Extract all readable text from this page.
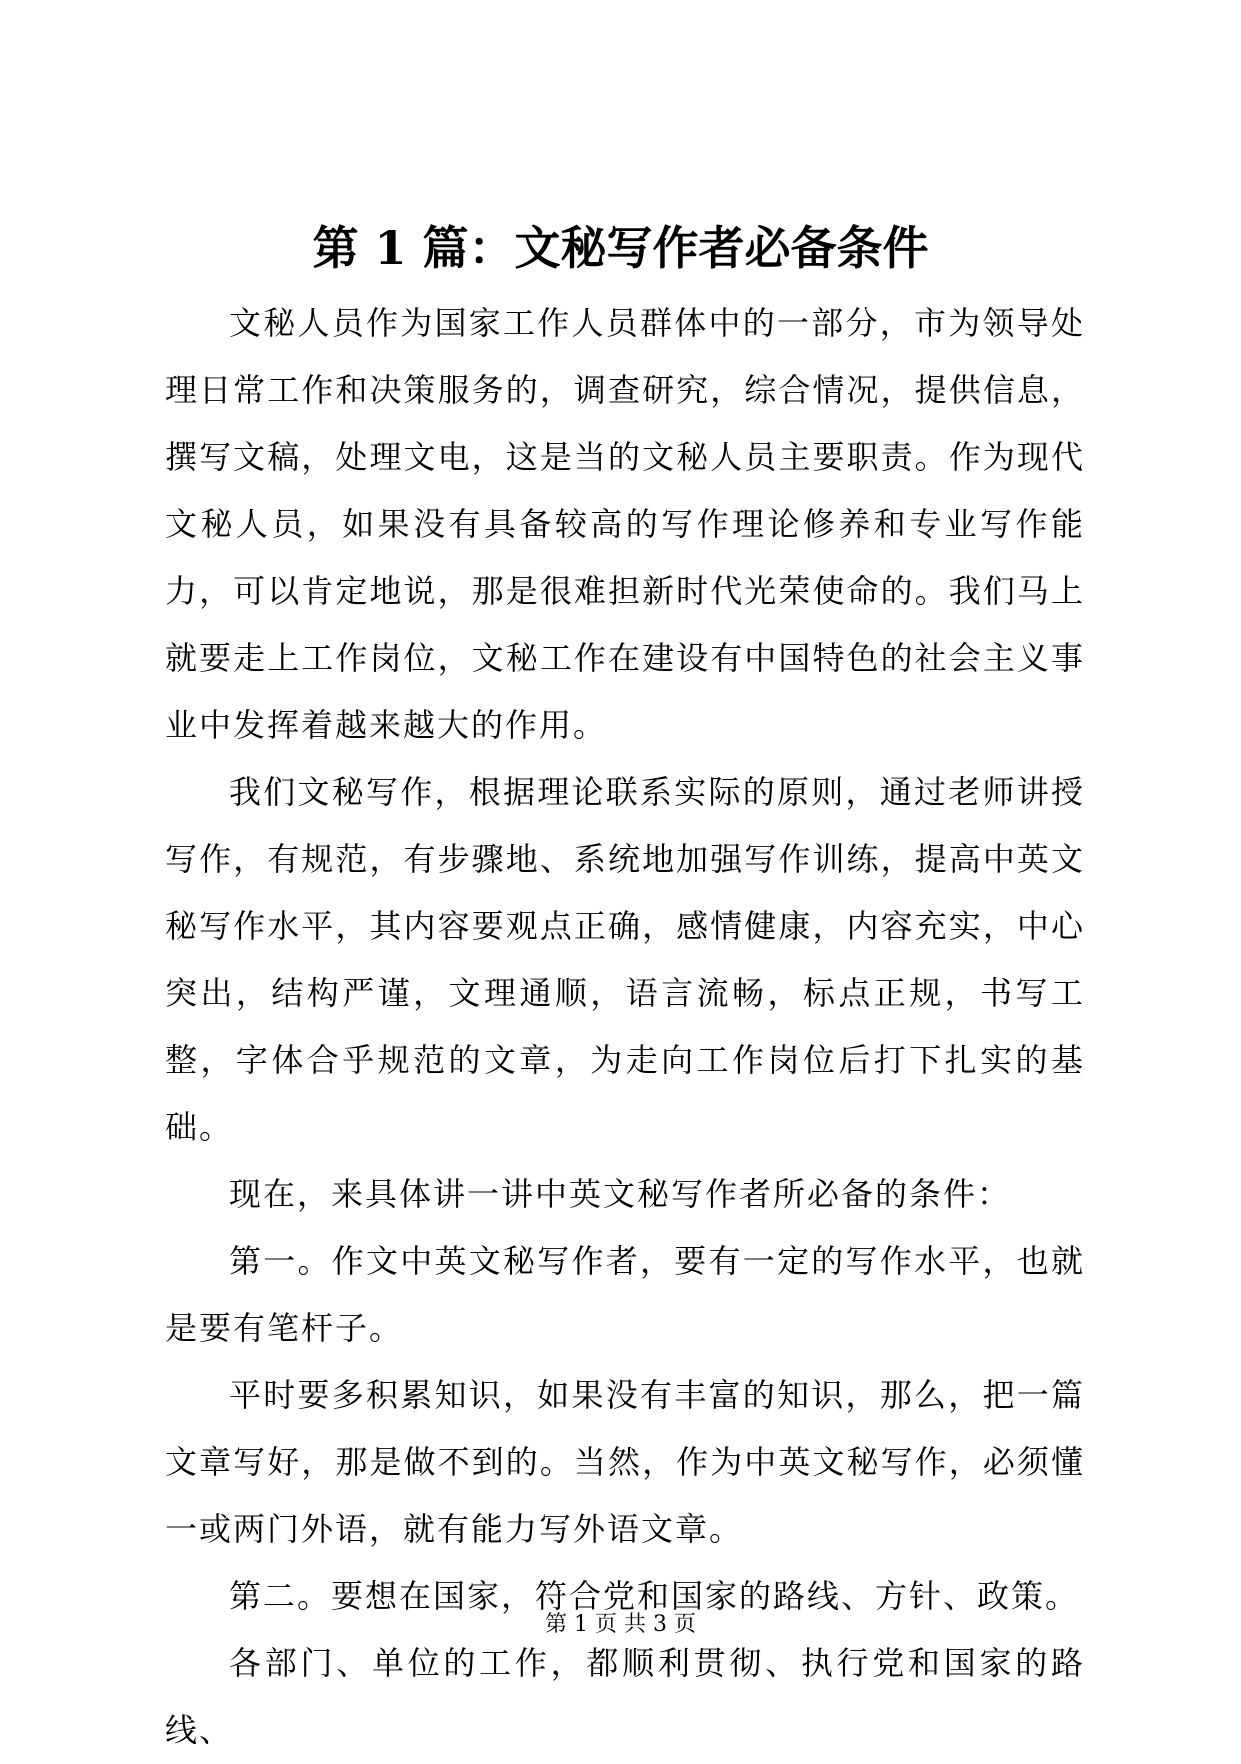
第 1 篇：文秘写作者必备条件

文秘人员作为国家工作人员群体中的一部分，市为领导处理日常工作和决策服务的，调查研究，综合情况，提供信息，撰写文稿，处理文电，这是当的文秘人员主要职责。作为现代文秘人员，如果没有具备较高的写作理论修养和专业写作能力，可以肯定地说，那是很难担新时代光荣使命的。我们马上就要走上工作岗位，文秘工作在建设有中国特色的社会主义事业中发挥着越来越大的作用。

我们文秘写作，根据理论联系实际的原则，通过老师讲授写作，有规范，有步骤地、系统地加强写作训练，提高中英文秘写作水平，其内容要观点正确，感情健康，内容充实，中心突出，结构严谨，文理通顺，语言流畅，标点正规，书写工整，字体合乎规范的文章，为走向工作岗位后打下扎实的基础。

现在，来具体讲一讲中英文秘写作者所必备的条件：

第一。作文中英文秘写作者，要有一定的写作水平，也就是要有笔杆子。

平时要多积累知识，如果没有丰富的知识，那么，把一篇文章写好，那是做不到的。当然，作为中英文秘写作，必须懂一或两门外语，就有能力写外语文章。

第二。要想在国家，符合党和国家的路线、方针、政策。

各部门、单位的工作，都顺利贯彻、执行党和国家的路线、

第 1 页 共 3 页
